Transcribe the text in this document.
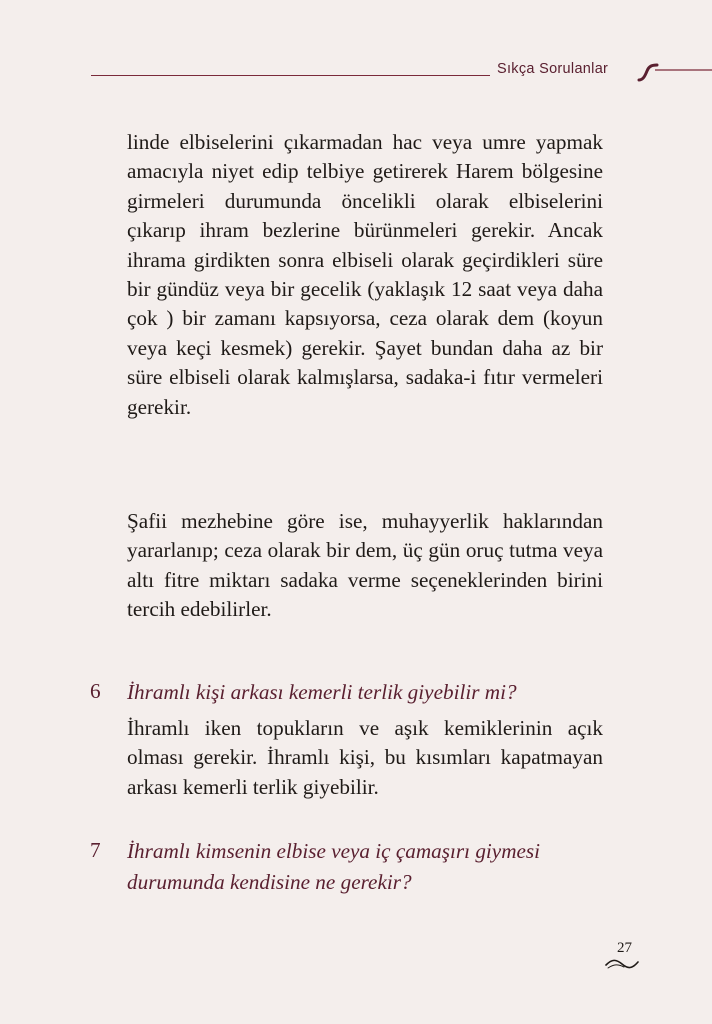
Sıkça Sorulanlar

linde elbiselerini çıkarmadan hac veya umre yapmak amacıyla niyet edip telbiye getirerek Harem bölgesine girmeleri durumunda öncelikli olarak elbiselerini çıkarıp ihram bezlerine bürünmeleri gerekir. Ancak ihrama girdikten sonra elbiseli olarak geçirdikleri süre bir gündüz veya bir gecelik (yaklaşık 12 saat veya daha çok ) bir zamanı kapsıyorsa, ceza olarak dem (koyun veya keçi kesmek) gerekir. Şayet bundan daha az bir süre elbiseli olarak kalmışlarsa, sadaka-i fıtır vermeleri gerekir.

Şafii mezhebine göre ise, muhayyerlik haklarından yararlanıp; ceza olarak bir dem, üç gün oruç tutma veya altı fitre miktarı sadaka verme seçeneklerinden birini tercih edebilirler.

6 İhramlı kişi arkası kemerli terlik giyebilir mi?

İhramlı iken topukların ve aşık kemiklerinin açık olması gerekir. İhramlı kişi, bu kısımları kapatmayan arkası kemerli terlik giyebilir.

7 İhramlı kimsenin elbise veya iç çamaşırı giymesi durumunda kendisine ne gerekir?

27
